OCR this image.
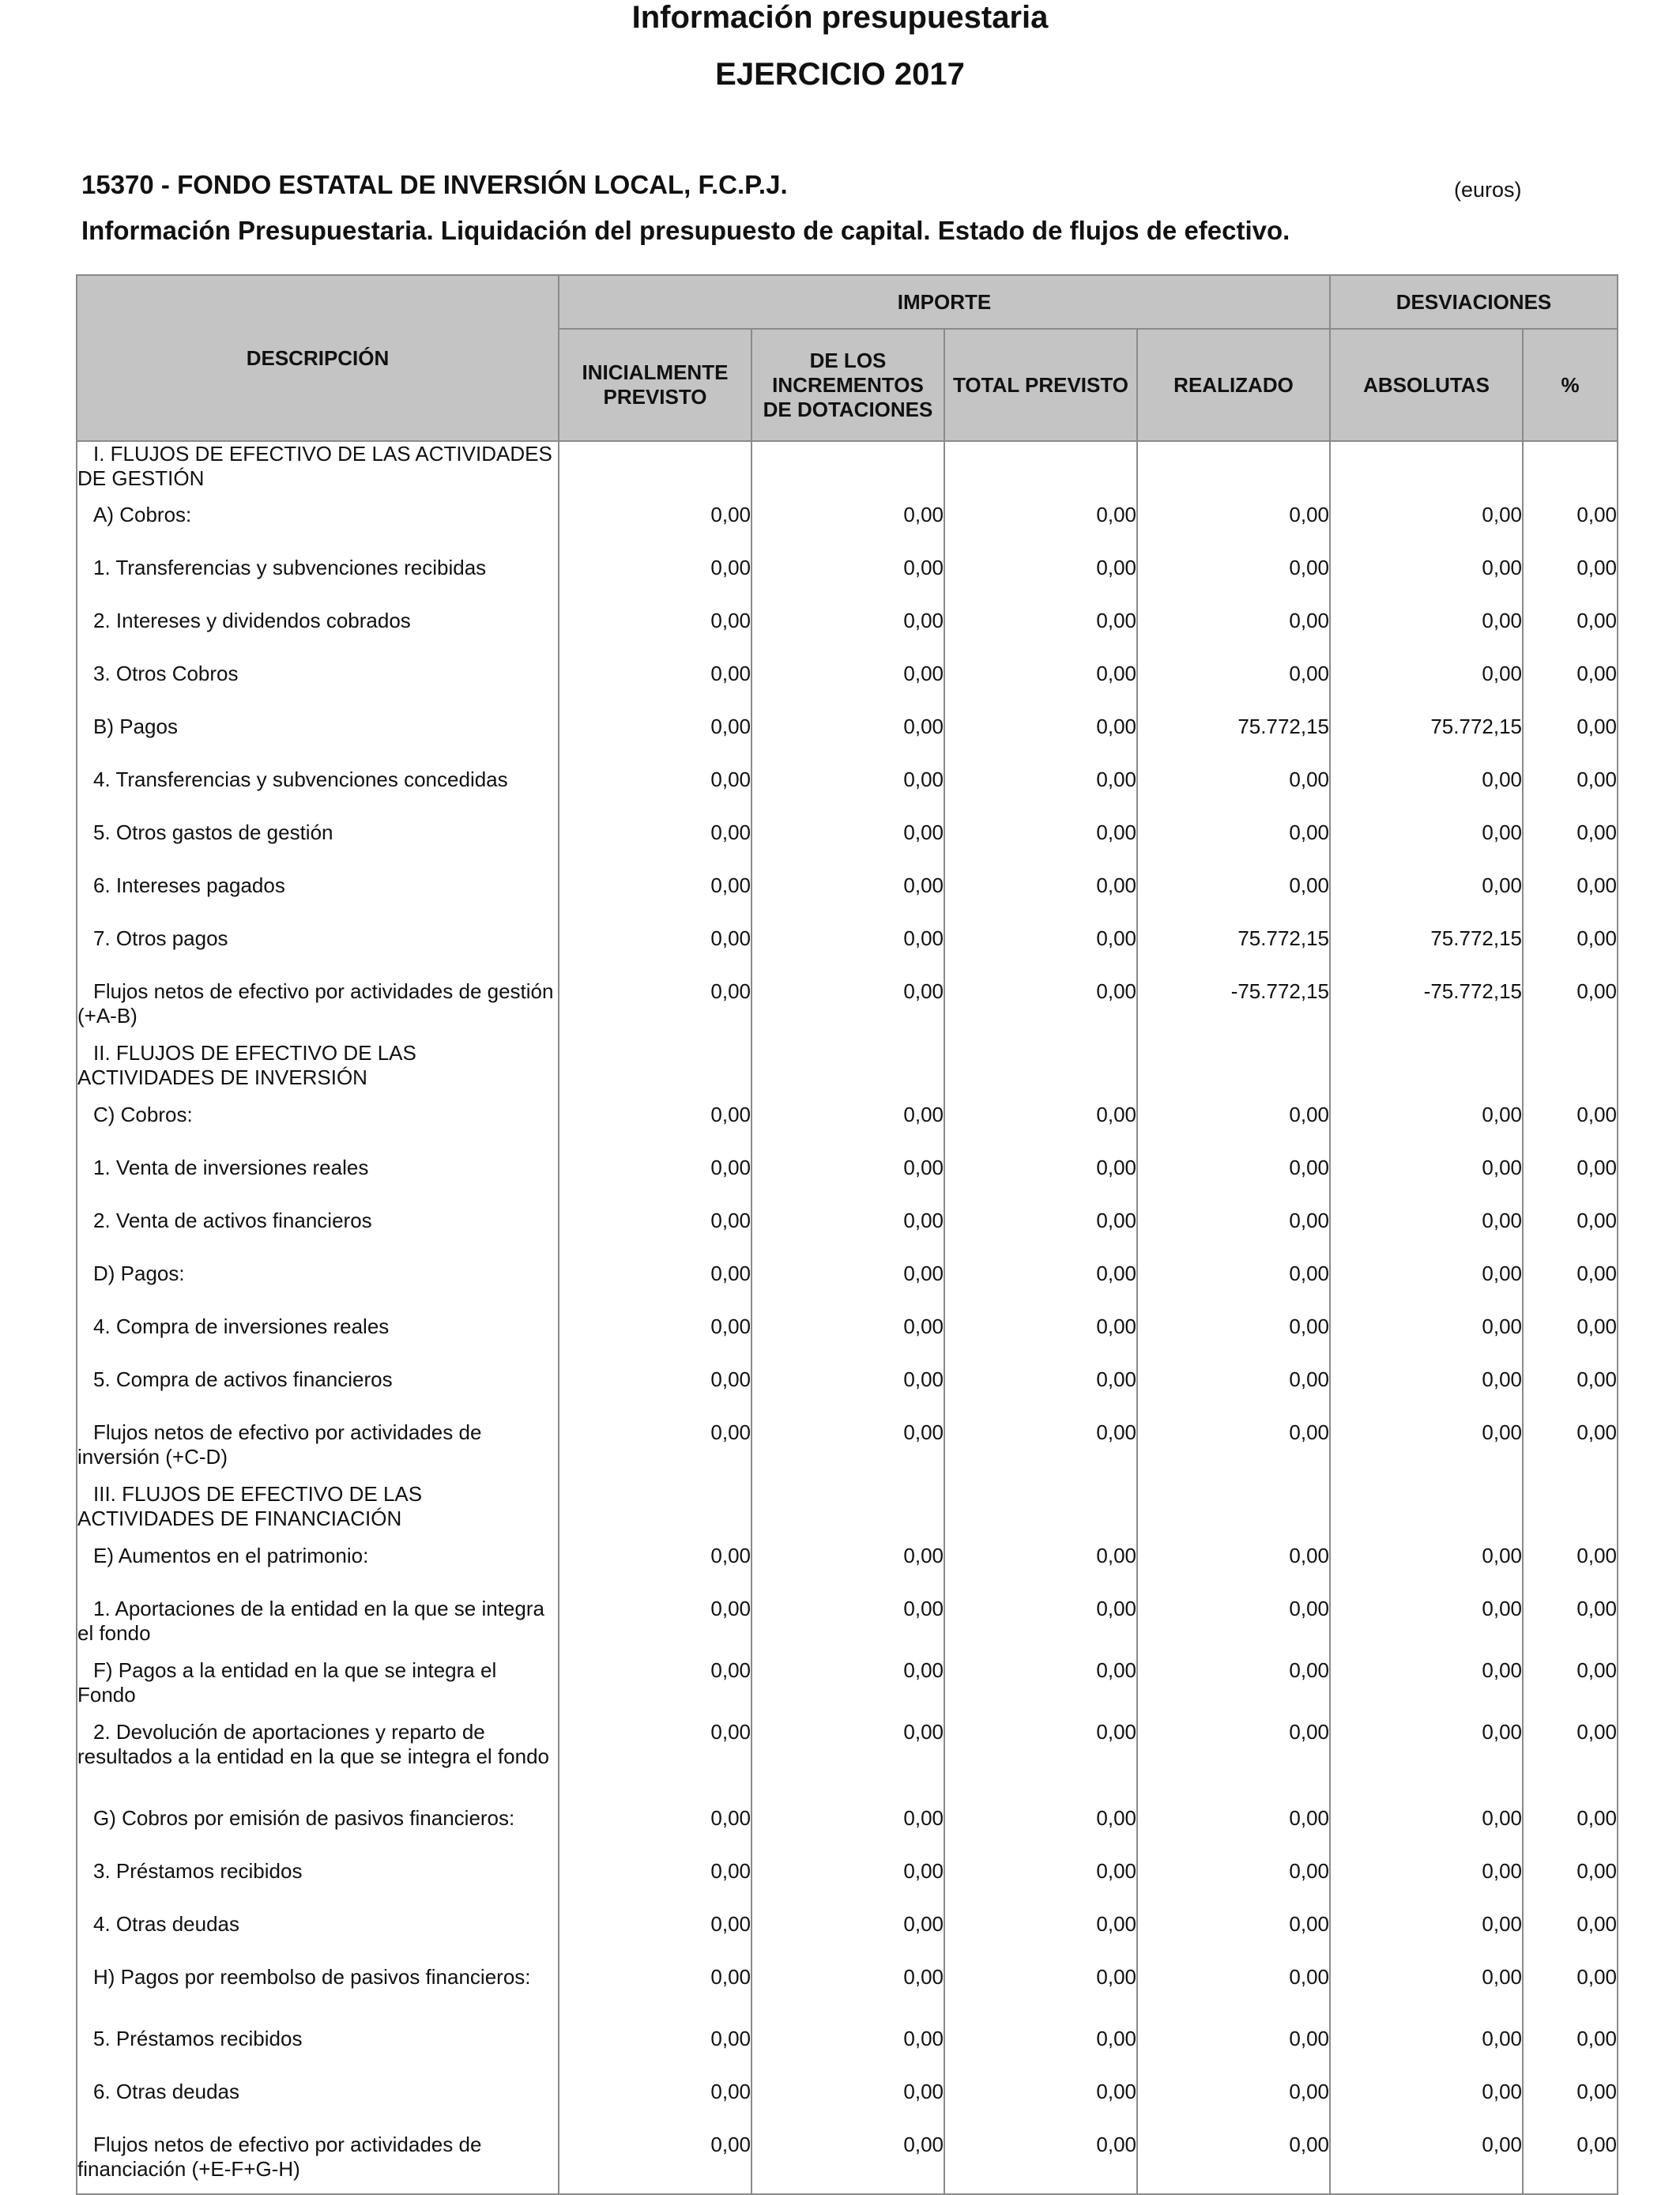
Información presupuestaria
EJERCICIO 2017
15370 - FONDO ESTATAL DE INVERSIÓN LOCAL, F.C.P.J.	(euros)
Información Presupuestaria. Liquidación del presupuesto de capital. Estado de flujos de efectivo.
DESCRIPCIÓN	IMPORTE				DESVIACIONES	
	INICIALMENTE PREVISTO	DE LOS INCREMENTOS DE DOTACIONES	TOTAL PREVISTO	REALIZADO	ABSOLUTAS	%
I. FLUJOS DE EFECTIVO DE LAS ACTIVIDADES DE GESTIÓN						
A) Cobros:	0,00	0,00	0,00	0,00	0,00	0,00
1. Transferencias y subvenciones recibidas	0,00	0,00	0,00	0,00	0,00	0,00
2. Intereses y dividendos cobrados	0,00	0,00	0,00	0,00	0,00	0,00
3. Otros Cobros	0,00	0,00	0,00	0,00	0,00	0,00
B) Pagos	0,00	0,00	0,00	75.772,15	75.772,15	0,00
4. Transferencias y subvenciones concedidas	0,00	0,00	0,00	0,00	0,00	0,00
5. Otros gastos de gestión	0,00	0,00	0,00	0,00	0,00	0,00
6. Intereses pagados	0,00	0,00	0,00	0,00	0,00	0,00
7. Otros pagos	0,00	0,00	0,00	75.772,15	75.772,15	0,00
Flujos netos de efectivo por actividades de gestión (+A-B)	0,00	0,00	0,00	-75.772,15	-75.772,15	0,00
II. FLUJOS DE EFECTIVO DE LAS ACTIVIDADES DE INVERSIÓN						
C) Cobros:	0,00	0,00	0,00	0,00	0,00	0,00
1. Venta de inversiones reales	0,00	0,00	0,00	0,00	0,00	0,00
2. Venta de activos financieros	0,00	0,00	0,00	0,00	0,00	0,00
D) Pagos:	0,00	0,00	0,00	0,00	0,00	0,00
4. Compra de inversiones reales	0,00	0,00	0,00	0,00	0,00	0,00
5. Compra de activos financieros	0,00	0,00	0,00	0,00	0,00	0,00
Flujos netos de efectivo por actividades de inversión (+C-D)	0,00	0,00	0,00	0,00	0,00	0,00
III. FLUJOS DE EFECTIVO DE LAS ACTIVIDADES DE FINANCIACIÓN						
E) Aumentos en el patrimonio:	0,00	0,00	0,00	0,00	0,00	0,00
1. Aportaciones de la entidad en la que se integra el fondo	0,00	0,00	0,00	0,00	0,00	0,00
F) Pagos a la entidad en la que se integra el Fondo	0,00	0,00	0,00	0,00	0,00	0,00
2. Devolución de aportaciones y reparto de resultados a la entidad en la que se integra el fondo	0,00	0,00	0,00	0,00	0,00	0,00
G) Cobros por emisión de pasivos financieros:	0,00	0,00	0,00	0,00	0,00	0,00
3. Préstamos recibidos	0,00	0,00	0,00	0,00	0,00	0,00
4. Otras deudas	0,00	0,00	0,00	0,00	0,00	0,00
H) Pagos por reembolso de pasivos financieros:	0,00	0,00	0,00	0,00	0,00	0,00
5. Préstamos recibidos	0,00	0,00	0,00	0,00	0,00	0,00
6. Otras deudas	0,00	0,00	0,00	0,00	0,00	0,00
Flujos netos de efectivo por actividades de financiación (+E-F+G-H)	0,00	0,00	0,00	0,00	0,00	0,00
